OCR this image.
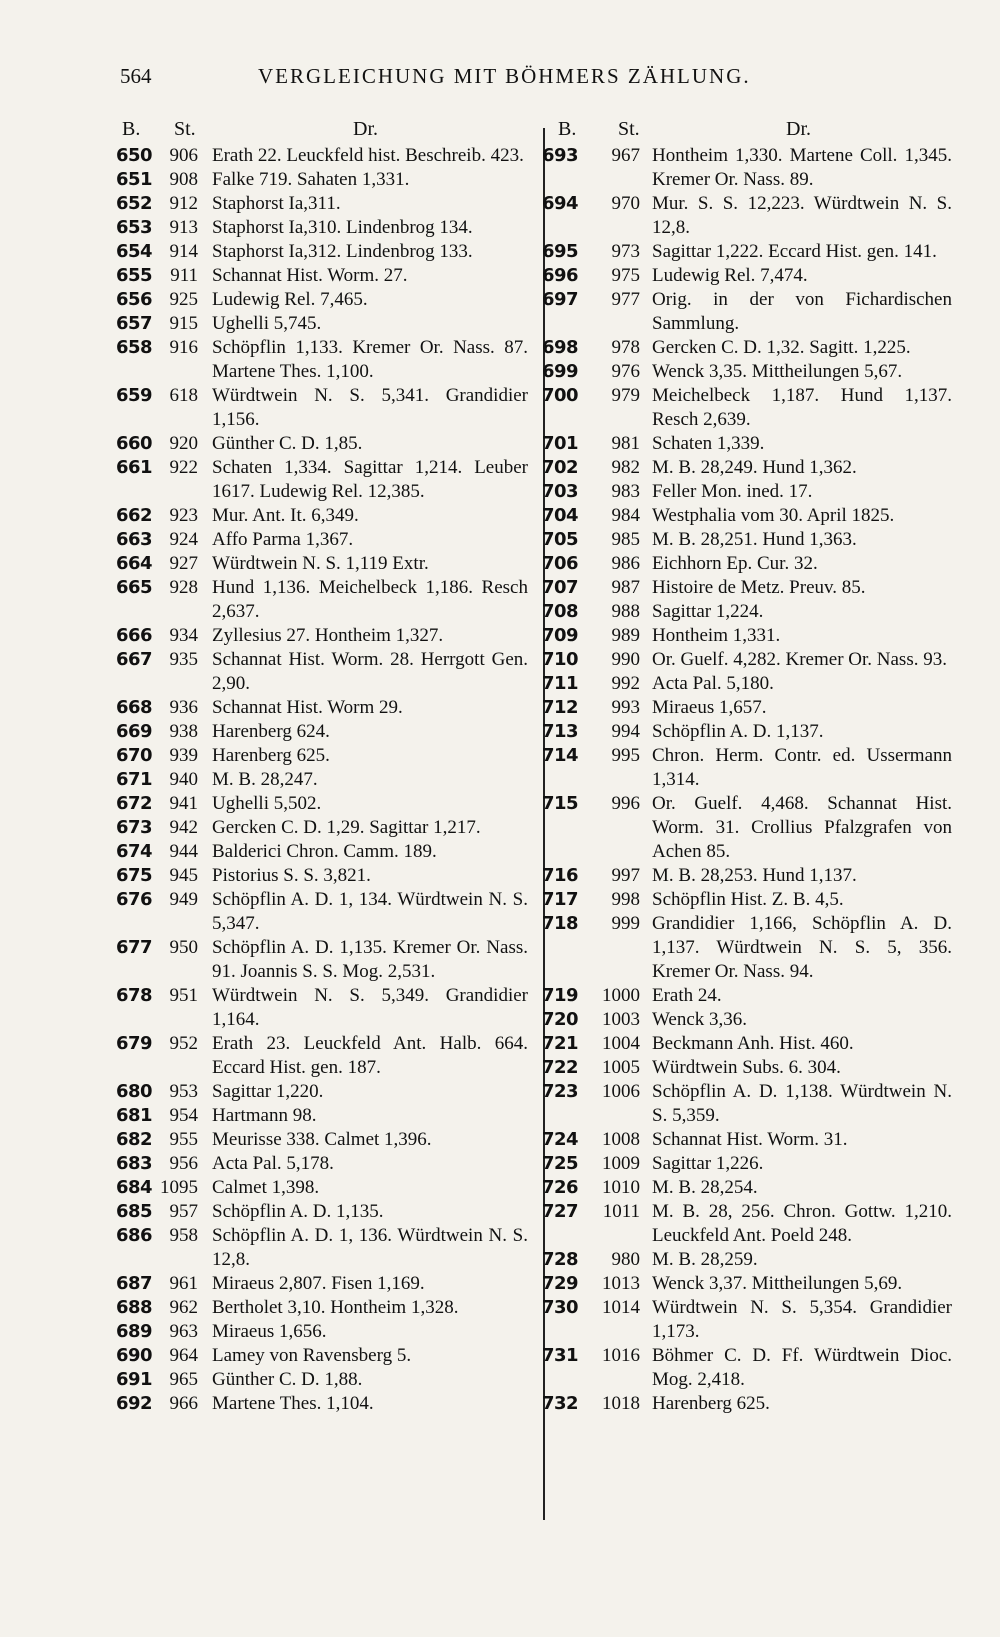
564	VERGLEICHUNG MIT BÖHMERS ZÄHLUNG.
B. St.	Dr.
650 906 Erath 22. Leuckfeld hist. Beschreib. 423.
651 908 Falke 719. Sahaten 1,331.
652 912 Staphorst Ia,311.
653 913 Staphorst Ia,310. Lindenbrog 134.
654 914 Staphorst Ia,312. Lindenbrog 133.
655 911 Schannat Hist. Worm. 27.
656 925 Ludewig Rel. 7,465.
657 915 Ughelli 5,745.
658 916 Schöpflin 1,133. Kremer Or. Nass. 87. Martene Thes. 1,100.
659 618 Würdtwein N. S. 5,341. Grandidier 1,156.
660 920 Günther C. D. 1,85.
661 922 Schaten 1,334. Sagittar 1,214. Leuber 1617. Ludewig Rel. 12,385.
662 923 Mur. Ant. It. 6,349.
663 924 Affo Parma 1,367.
664 927 Würdtwein N. S. 1,119 Extr.
665 928 Hund 1,136. Meichelbeck 1,186. Resch 2,637.
666 934 Zyllesius 27. Hontheim 1,327.
667 935 Schannat Hist. Worm. 28. Herrgott Gen. 2,90.
668 936 Schannat Hist. Worm 29.
669 938 Harenberg 624.
670 939 Harenberg 625.
671 940 M. B. 28,247.
672 941 Ughelli 5,502.
673 942 Gercken C. D. 1,29. Sagittar 1,217.
674 944 Balderici Chron. Camm. 189.
675 945 Pistorius S. S. 3,821.
676 949 Schöpflin A. D. 1, 134. Würdtwein N. S. 5,347.
677 950 Schöpflin A. D. 1,135. Kremer Or. Nass. 91. Joannis S. S. Mog. 2,531.
678 951 Würdtwein N. S. 5,349. Grandidier 1,164.
679 952 Erath 23. Leuckfeld Ant. Halb. 664. Eccard Hist. gen. 187.
680 953 Sagittar 1,220.
681 954 Hartmann 98.
682 955 Meurisse 338. Calmet 1,396.
683 956 Acta Pal. 5,178.
684 1095 Calmet 1,398.
685 957 Schöpflin A. D. 1,135.
686 958 Schöpflin A. D. 1, 136. Würdtwein N. S. 12,8.
687 961 Miraeus 2,807. Fisen 1,169.
688 962 Bertholet 3,10. Hontheim 1,328.
689 963 Miraeus 1,656.
690 964 Lamey von Ravensberg 5.
691 965 Günther C. D. 1,88.
692 966 Martene Thes. 1,104.
B. St.	Dr.
693	967 Hontheim 1,330. Martene Coll. 1,345. Kremer Or. Nass. 89.
694	970 Mur. S. S. 12,223. Würdtwein N. S. 12,8.
695	973 Sagittar 1,222. Eccard Hist. gen. 141.
696	975 Ludewig Rel. 7,474.
697	977 Orig. in der von Fichardischen Sammlung.
698	978 Gercken C. D. 1,32. Sagitt. 1,225.
699	976 Wenck 3,35. Mittheilungen 5,67.
700	979 Meichelbeck 1,187. Hund 1,137. Resch 2,639.
701	981 Schaten 1,339.
702	982 M. B. 28,249. Hund 1,362.
703	983 Feller Mon. ined. 17.
704	984 Westphalia vom 30. April 1825.
705	985 M. B. 28,251. Hund 1,363.
706	986 Eichhorn Ep. Cur. 32.
707	987 Histoire de Metz. Preuv. 85.
708	988 Sagittar 1,224.
709	989 Hontheim 1,331.
710	990 Or. Guelf. 4,282. Kremer Or. Nass. 93.
711	992 Acta Pal. 5,180.
712	993 Miraeus 1,657.
713	994 Schöpflin A. D. 1,137.
714	995 Chron. Herm. Contr. ed. Ussermann 1,314.
715	996 Or. Guelf. 4,468. Schannat Hist. Worm. 31. Crollius Pfalzgrafen von Achen 85.
716	997 M. B. 28,253. Hund 1,137.
717	998 Schöpflin Hist. Z. B. 4,5.
718	999 Grandidier 1,166, Schöpflin A. D. 1,137. Würdtwein N. S. 5, 356. Kremer Or. Nass. 94.
719	1000 Erath 24.
720	1003 Wenck 3,36.
721	1004 Beckmann Anh. Hist. 460.
722	1005 Würdtwein Subs. 6. 304.
723	1006 Schöpflin A. D. 1,138. Würdtwein N. S. 5,359.
724	1008 Schannat Hist. Worm. 31.
725	1009 Sagittar 1,226.
726	1010 M. B. 28,254.
727	1011 M. B. 28, 256. Chron. Gottw. 1,210. Leuckfeld Ant. Poeld 248.
728	980 M. B. 28,259.
729	1013 Wenck 3,37. Mittheilungen 5,69.
730	1014 Würdtwein N. S. 5,354. Grandidier 1,173.
731	1016 Böhmer C. D. Ff. Würdtwein Dioc. Mog. 2,418.
732	1018 Harenberg 625.
